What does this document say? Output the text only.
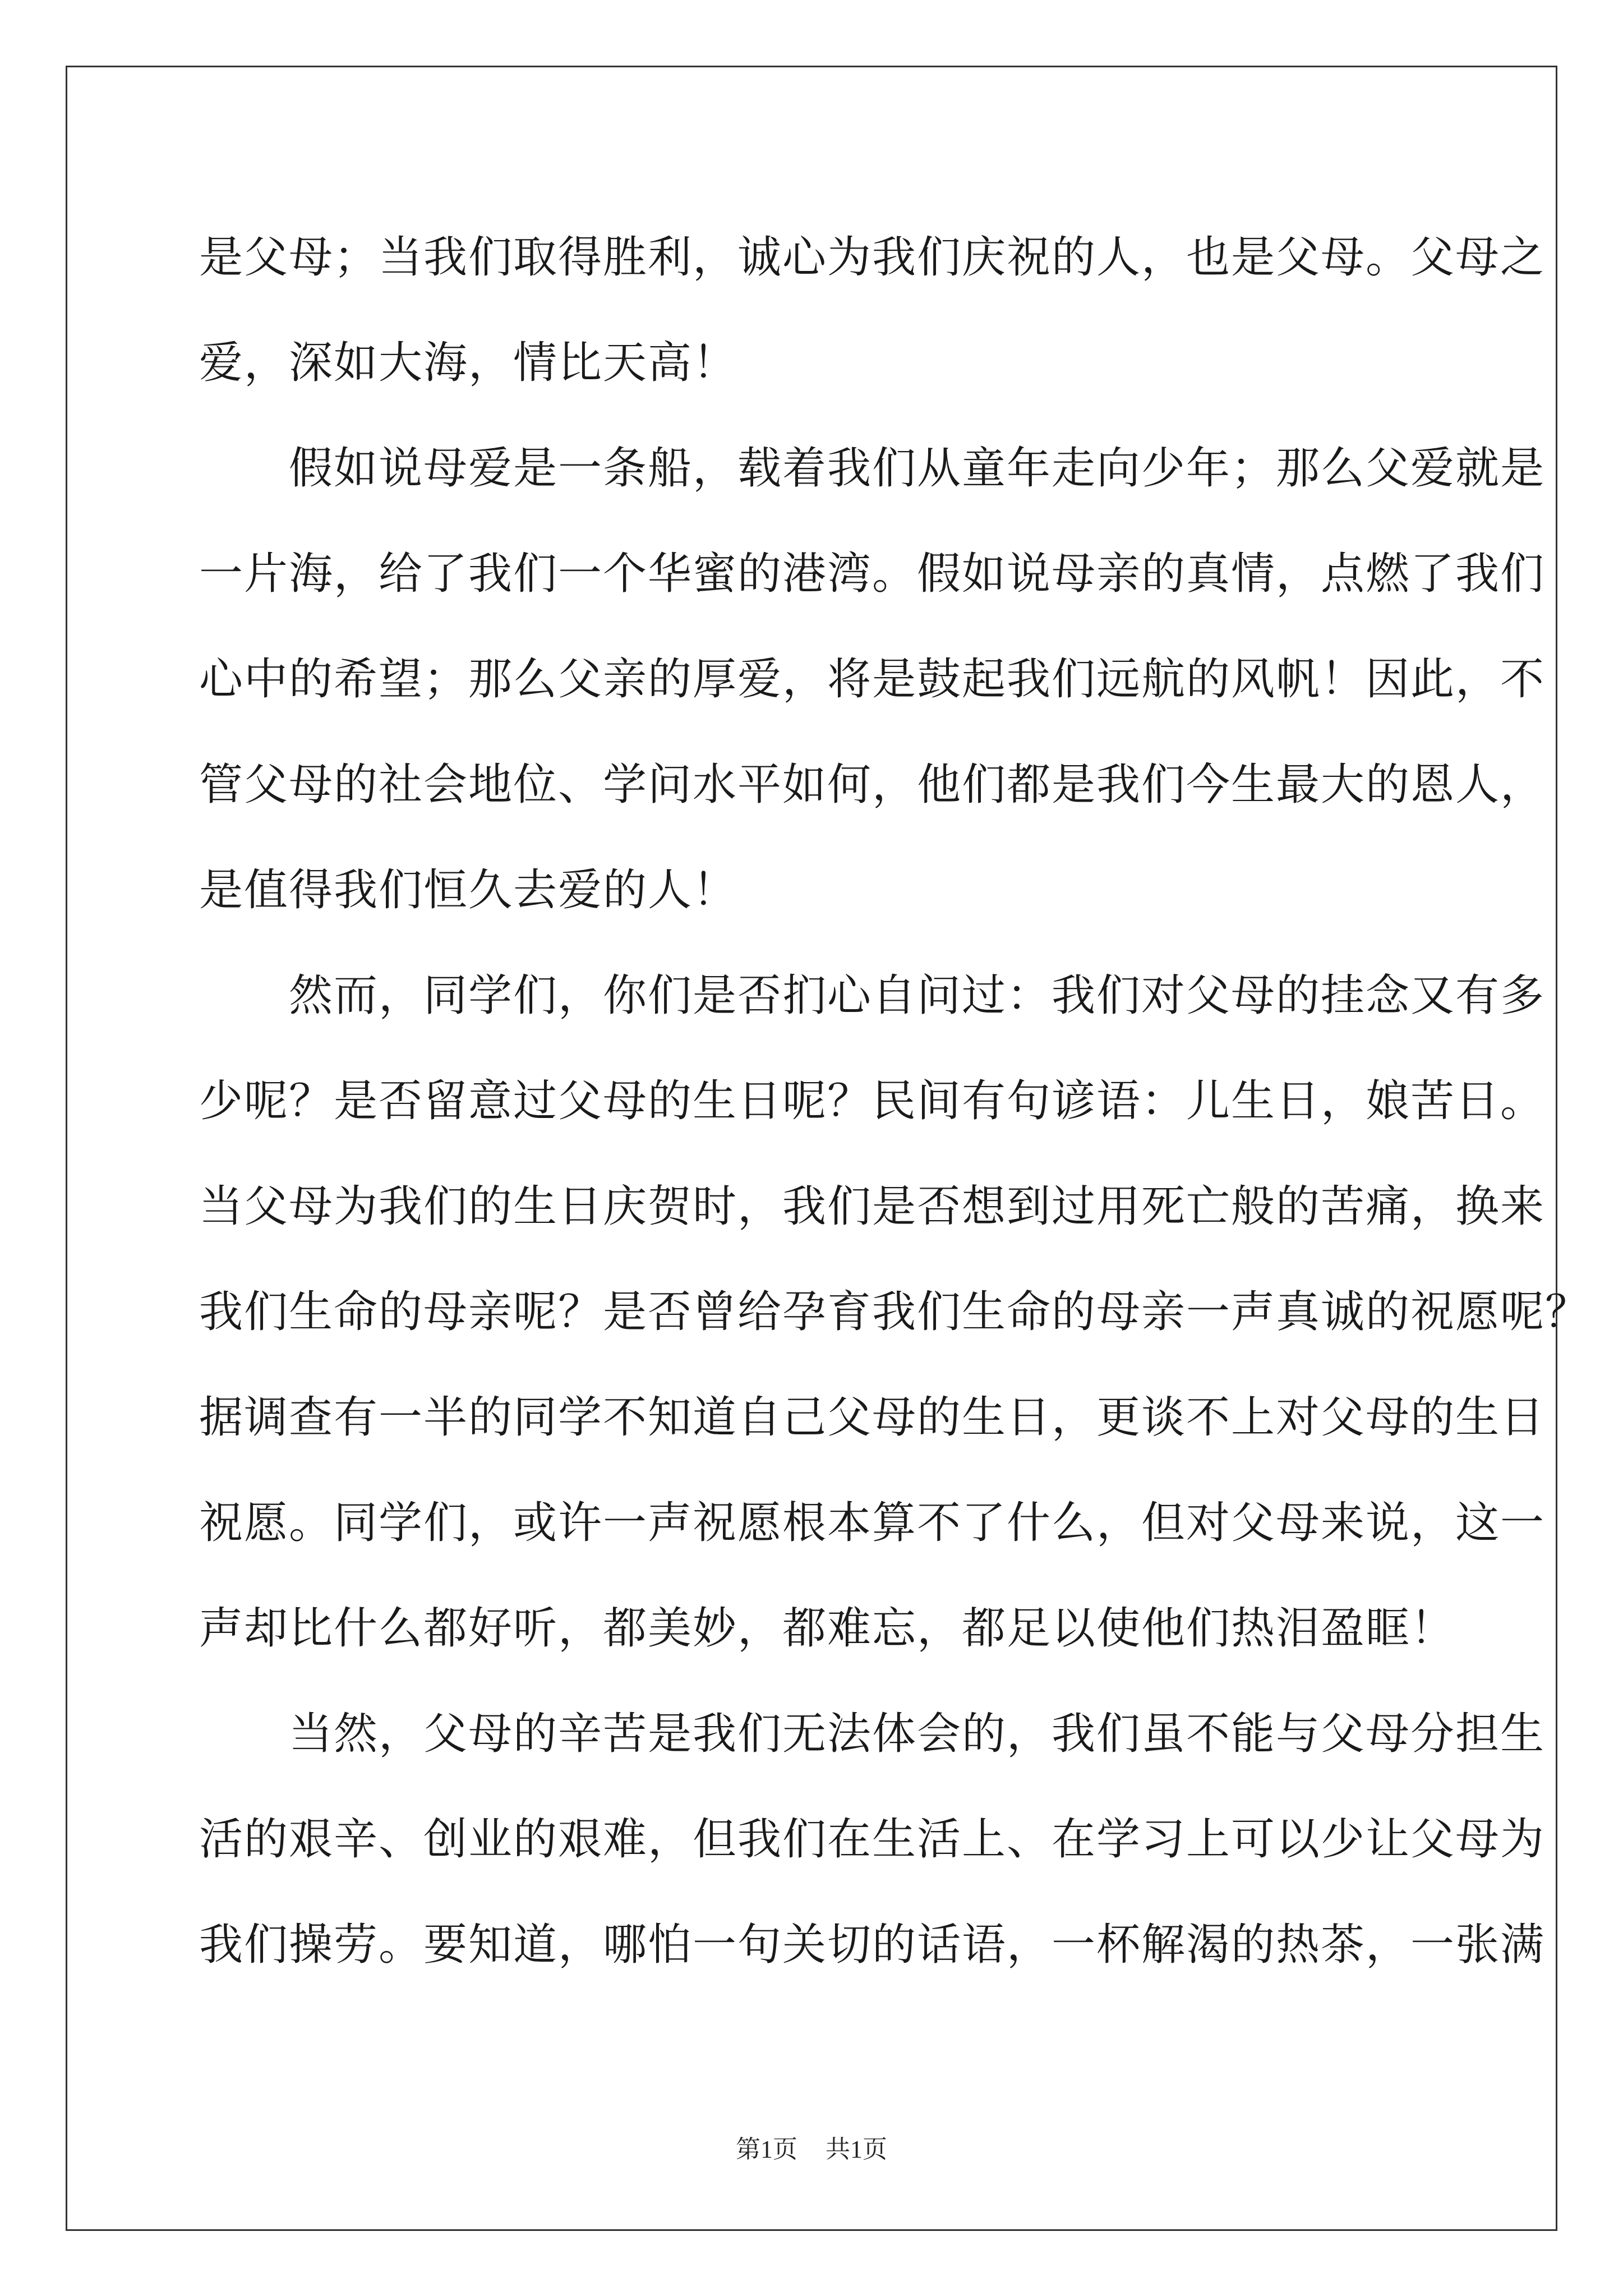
是父母；当我们取得胜利，诚心为我们庆祝的人，也是父母。父母之
爱，深如大海，情比天高！
　　假如说母爱是一条船，载着我们从童年走向少年；那么父爱就是
一片海，给了我们一个华蜜的港湾。假如说母亲的真情，点燃了我们
心中的希望；那么父亲的厚爱，将是鼓起我们远航的风帆！因此，不
管父母的社会地位、学问水平如何，他们都是我们今生最大的恩人，
是值得我们恒久去爱的人！
　　然而，同学们，你们是否扪心自问过：我们对父母的挂念又有多
少呢？是否留意过父母的生日呢？民间有句谚语：儿生日，娘苦日。
当父母为我们的生日庆贺时，我们是否想到过用死亡般的苦痛，换来
我们生命的母亲呢？是否曾给孕育我们生命的母亲一声真诚的祝愿呢？
据调查有一半的同学不知道自己父母的生日，更谈不上对父母的生日
祝愿。同学们，或许一声祝愿根本算不了什么，但对父母来说，这一
声却比什么都好听，都美妙，都难忘，都足以使他们热泪盈眶！
　　当然，父母的辛苦是我们无法体会的，我们虽不能与父母分担生
活的艰辛、创业的艰难，但我们在生活上、在学习上可以少让父母为
我们操劳。要知道，哪怕一句关切的话语，一杯解渴的热茶，一张满
第1页 共1页
